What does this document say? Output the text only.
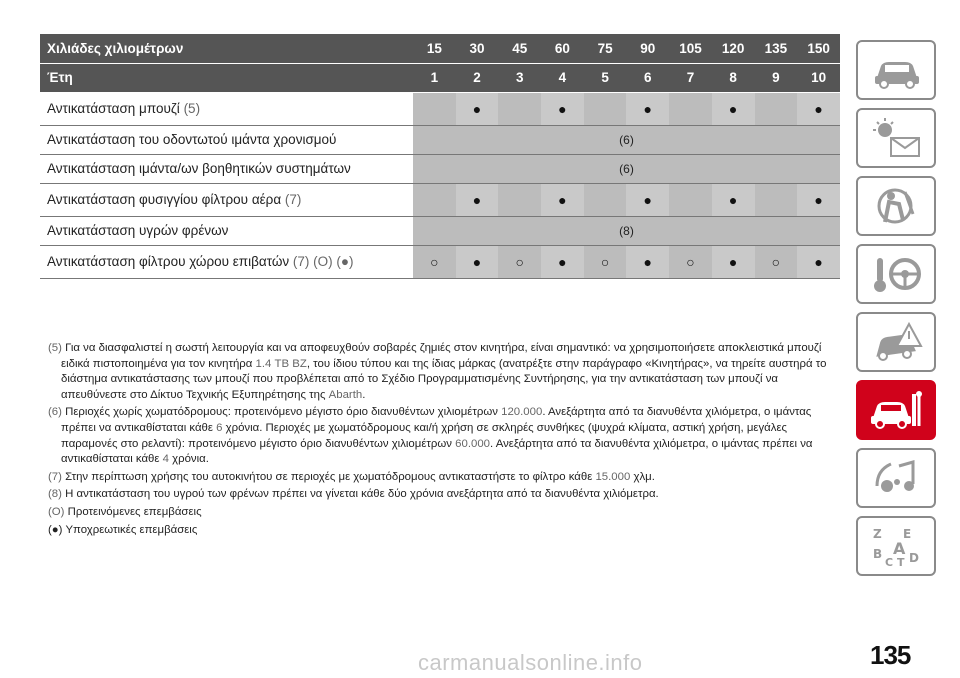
Χιλιάδες χιλιομέτρων	15	30	45	60	75	90	105	120	135	150
Έτη	1	2	3	4	5	6	7	8	9	10
Αντικατάσταση μπουζί (5)		●		●		●		●		●
Αντικατάσταση του οδοντωτού ιμάντα χρονισμού	(6)									
Αντικατάσταση ιμάντα/ων βοηθητικών συστημάτων	(6)									
Αντικατάσταση φυσιγγίου φίλτρου αέρα (7)		●		●		●		●		●
Αντικατάσταση υγρών φρένων	(8)									
Αντικατάσταση φίλτρου χώρου επιβατών (7) (O) (●)	○	●	○	●	○	●	○	●	○	●

(5) Για να διασφαλιστεί η σωστή λειτουργία και να αποφευχθούν σοβαρές ζημιές στον κινητήρα, είναι σημαντικό: να χρησιμοποιήσετε αποκλειστικά μπουζί ειδικά πιστοποιημένα για τον κινητήρα 1.4 TB BZ, του ίδιου τύπου και της ίδιας μάρκας (ανατρέξτε στην παράγραφο «Κινητήρας», να τηρείτε αυστηρά το διάστημα αντικατάστασης των μπουζί που προβλέπεται από το Σχέδιο Προγραμματισμένης Συντήρησης, για την αντικατάσταση των μπουζί να απευθύνεστε στο Δίκτυο Τεχνικής Εξυπηρέτησης της Abarth.

(6) Περιοχές χωρίς χωματόδρομους: προτεινόμενο μέγιστο όριο διανυθέντων χιλιομέτρων 120.000. Ανεξάρτητα από τα διανυθέντα χιλιόμετρα, ο ιμάντας πρέπει να αντικαθίσταται κάθε 6 χρόνια. Περιοχές με χωματόδρομους και/ή χρήση σε σκληρές συνθήκες (ψυχρά κλίματα, αστική χρήση, μεγάλες παραμονές στο ρελαντί): προτεινόμενο μέγιστο όριο διανυθέντων χιλιομέτρων 60.000. Ανεξάρτητα από τα διανυθέντα χιλιόμετρα, ο ιμάντας πρέπει να αντικαθίσταται κάθε 4 χρόνια.

(7) Στην περίπτωση χρήσης του αυτοκινήτου σε περιοχές με χωματόδρομους αντικαταστήστε το φίλτρο κάθε 15.000 χλμ.

(8) Η αντικατάσταση του υγρού των φρένων πρέπει να γίνεται κάθε δύο χρόνια ανεξάρτητα από τα διανυθέντα χιλιόμετρα.

(O) Προτεινόμενες επεμβάσεις

(●) Υποχρεωτικές επεμβάσεις	Z E
B A
C T D
135
carmanualsonline.info
